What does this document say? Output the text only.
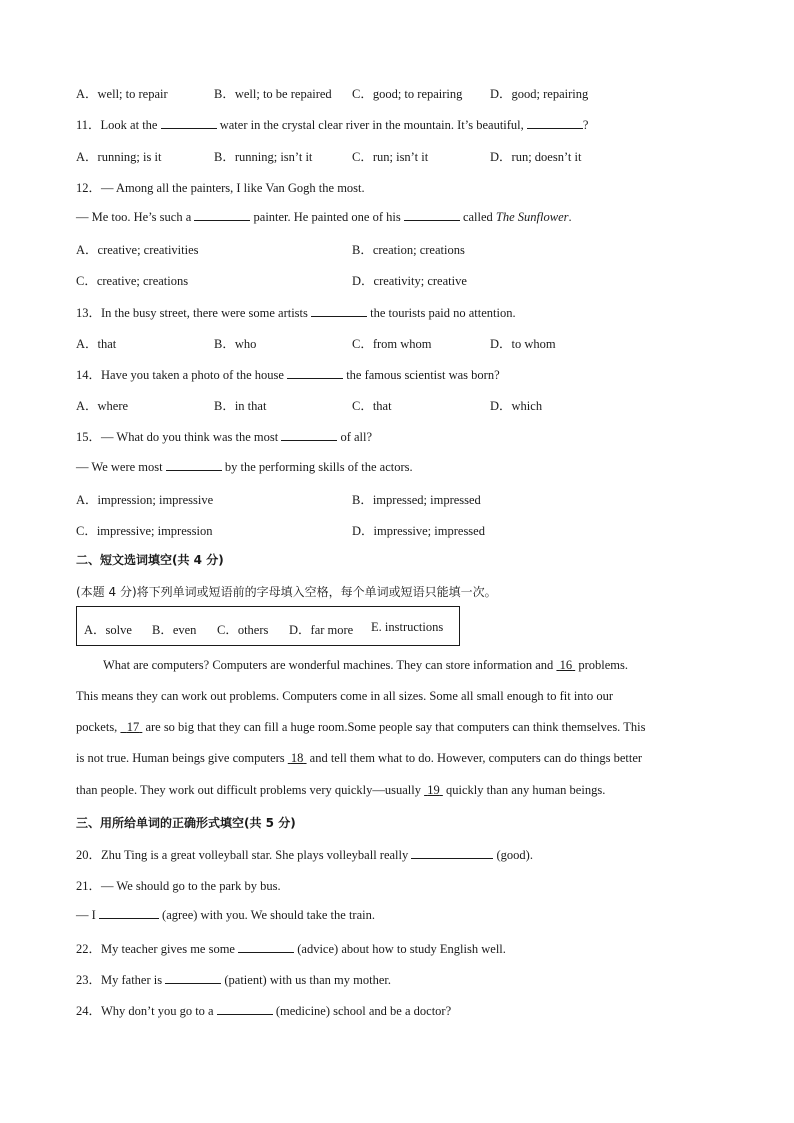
A．well; to repair	B．well; to be repaired C．good; to repairing D．good; repairing
11．Look at the	water in the crystal clear river in the mountain. It’s beautiful,	?
A．running; is it	B．running; isn’t it	C．run; isn’t it	D．run; doesn’t it
12．— Among all the painters, I like Van Gogh the most.
— Me too. He’s such a	painter. He painted one of his	called The Sunflower.
A．creative; creativities	B．creation; creations
C．creative; creations	D．creativity; creative
13．In the busy street, there were some artists	the tourists paid no attention.
A．that	B．who	C．from whom	D．to whom
14．Have you taken a photo of the house	the famous scientist was born?
A．where	B．in that	C．that	D．which
15．— What do you think was the most	of all?
— We were most	by the performing skills of the actors.
A．impression; impressive	B．impressed; impressed
C．impressive; impression	D．impressive; impressed
二、短文选词填空(共 4 分)
(本题 4 分)将下列单词或短语前的字母填入空格，每个单词或短语只能填一次。
A．solve B．even C．others D．far more E. instructions
What are computers? Computers are wonderful machines. They can store information and 16 problems.
This means they can work out problems. Computers come in all sizes. Some all small enough to fit into our
pockets, 17 are so big that they can fill a huge room.Some people say that computers can think themselves. This
is not true. Human beings give computers 18 and tell them what to do. However, computers can do things better
than people. They work out difficult problems very quickly—usually 19 quickly than any human beings.
三、用所给单词的正确形式填空(共 5 分)
20．Zhu Ting is a great volleyball star. She plays volleyball really	(good).
21．— We should go to the park by bus.
— I	(agree) with you. We should take the train.
22．My teacher gives me some	(advice) about how to study English well.
23．My father is	(patient) with us than my mother.
24．Why don’t you go to a	(medicine) school and be a doctor?
